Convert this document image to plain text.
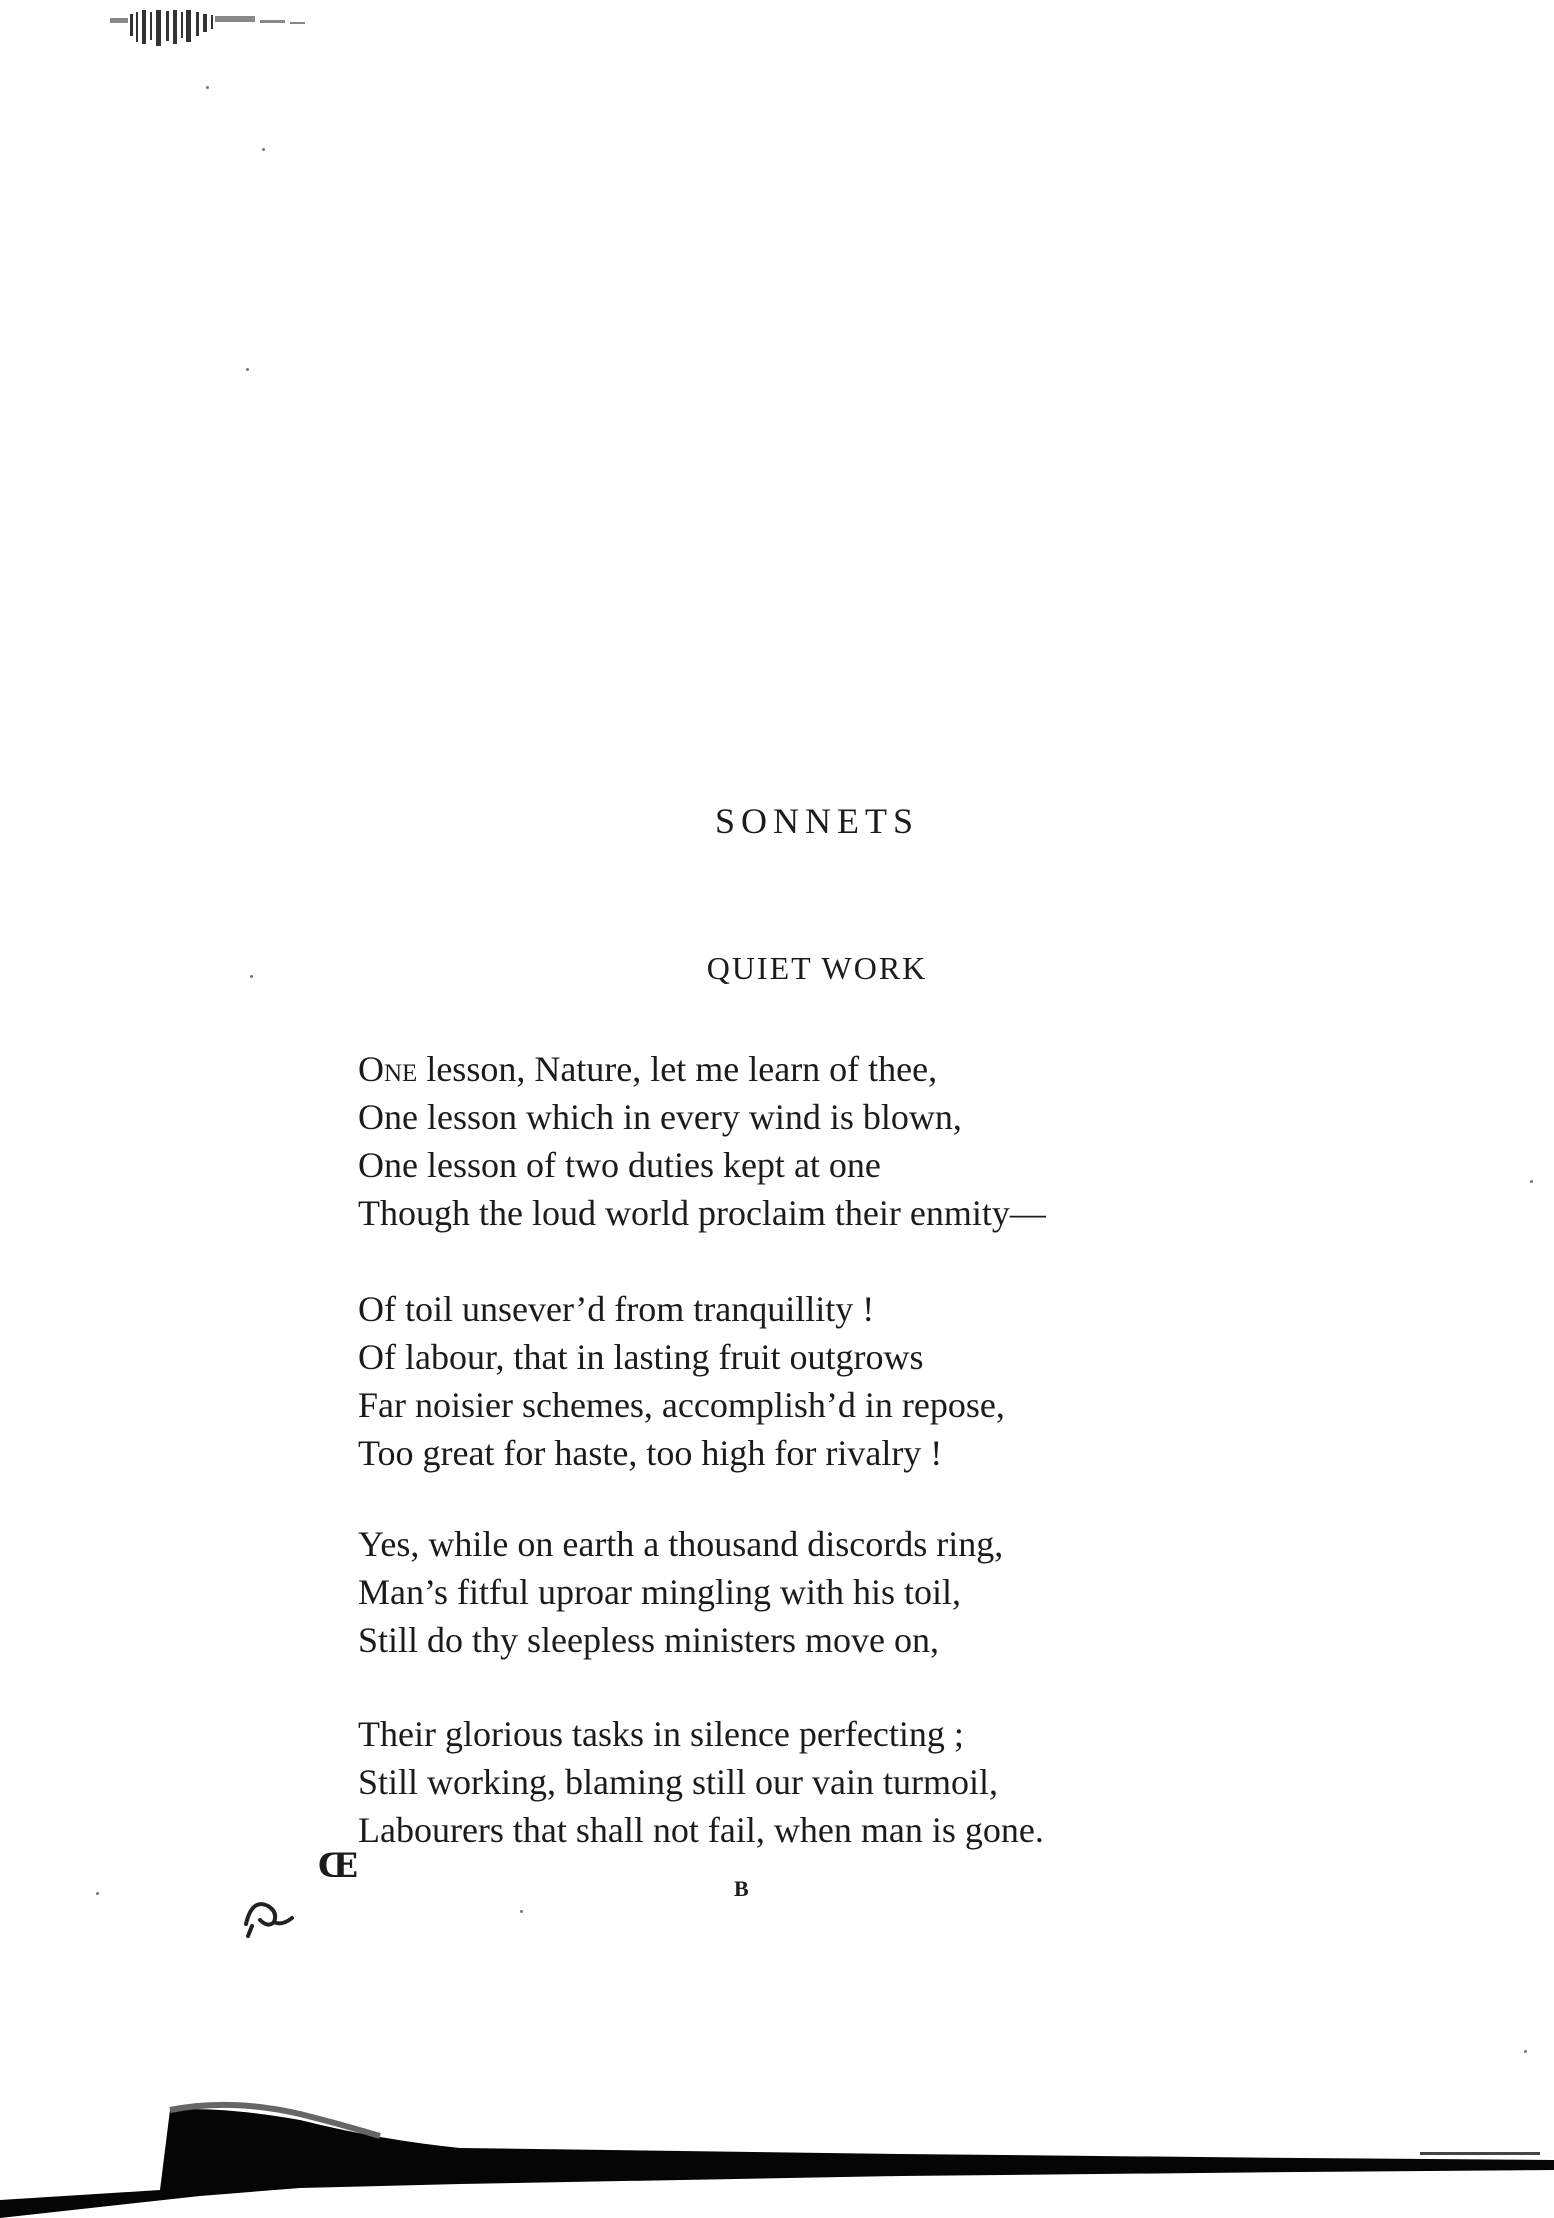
SONNETS
QUIET WORK
One lesson, Nature, let me learn of thee,
One lesson which in every wind is blown,
One lesson of two duties kept at one
Though the loud world proclaim their enmity—
Of toil unsever’d from tranquillity !
Of labour, that in lasting fruit outgrows
Far noisier schemes, accomplish’d in repose,
Too great for haste, too high for rivalry !
Yes, while on earth a thousand discords ring,
Man’s fitful uproar mingling with his toil,
Still do thy sleepless ministers move on,
Their glorious tasks in silence perfecting ;
Still working, blaming still our vain turmoil,
Labourers that shall not fail, when man is gone.
Œ
B
